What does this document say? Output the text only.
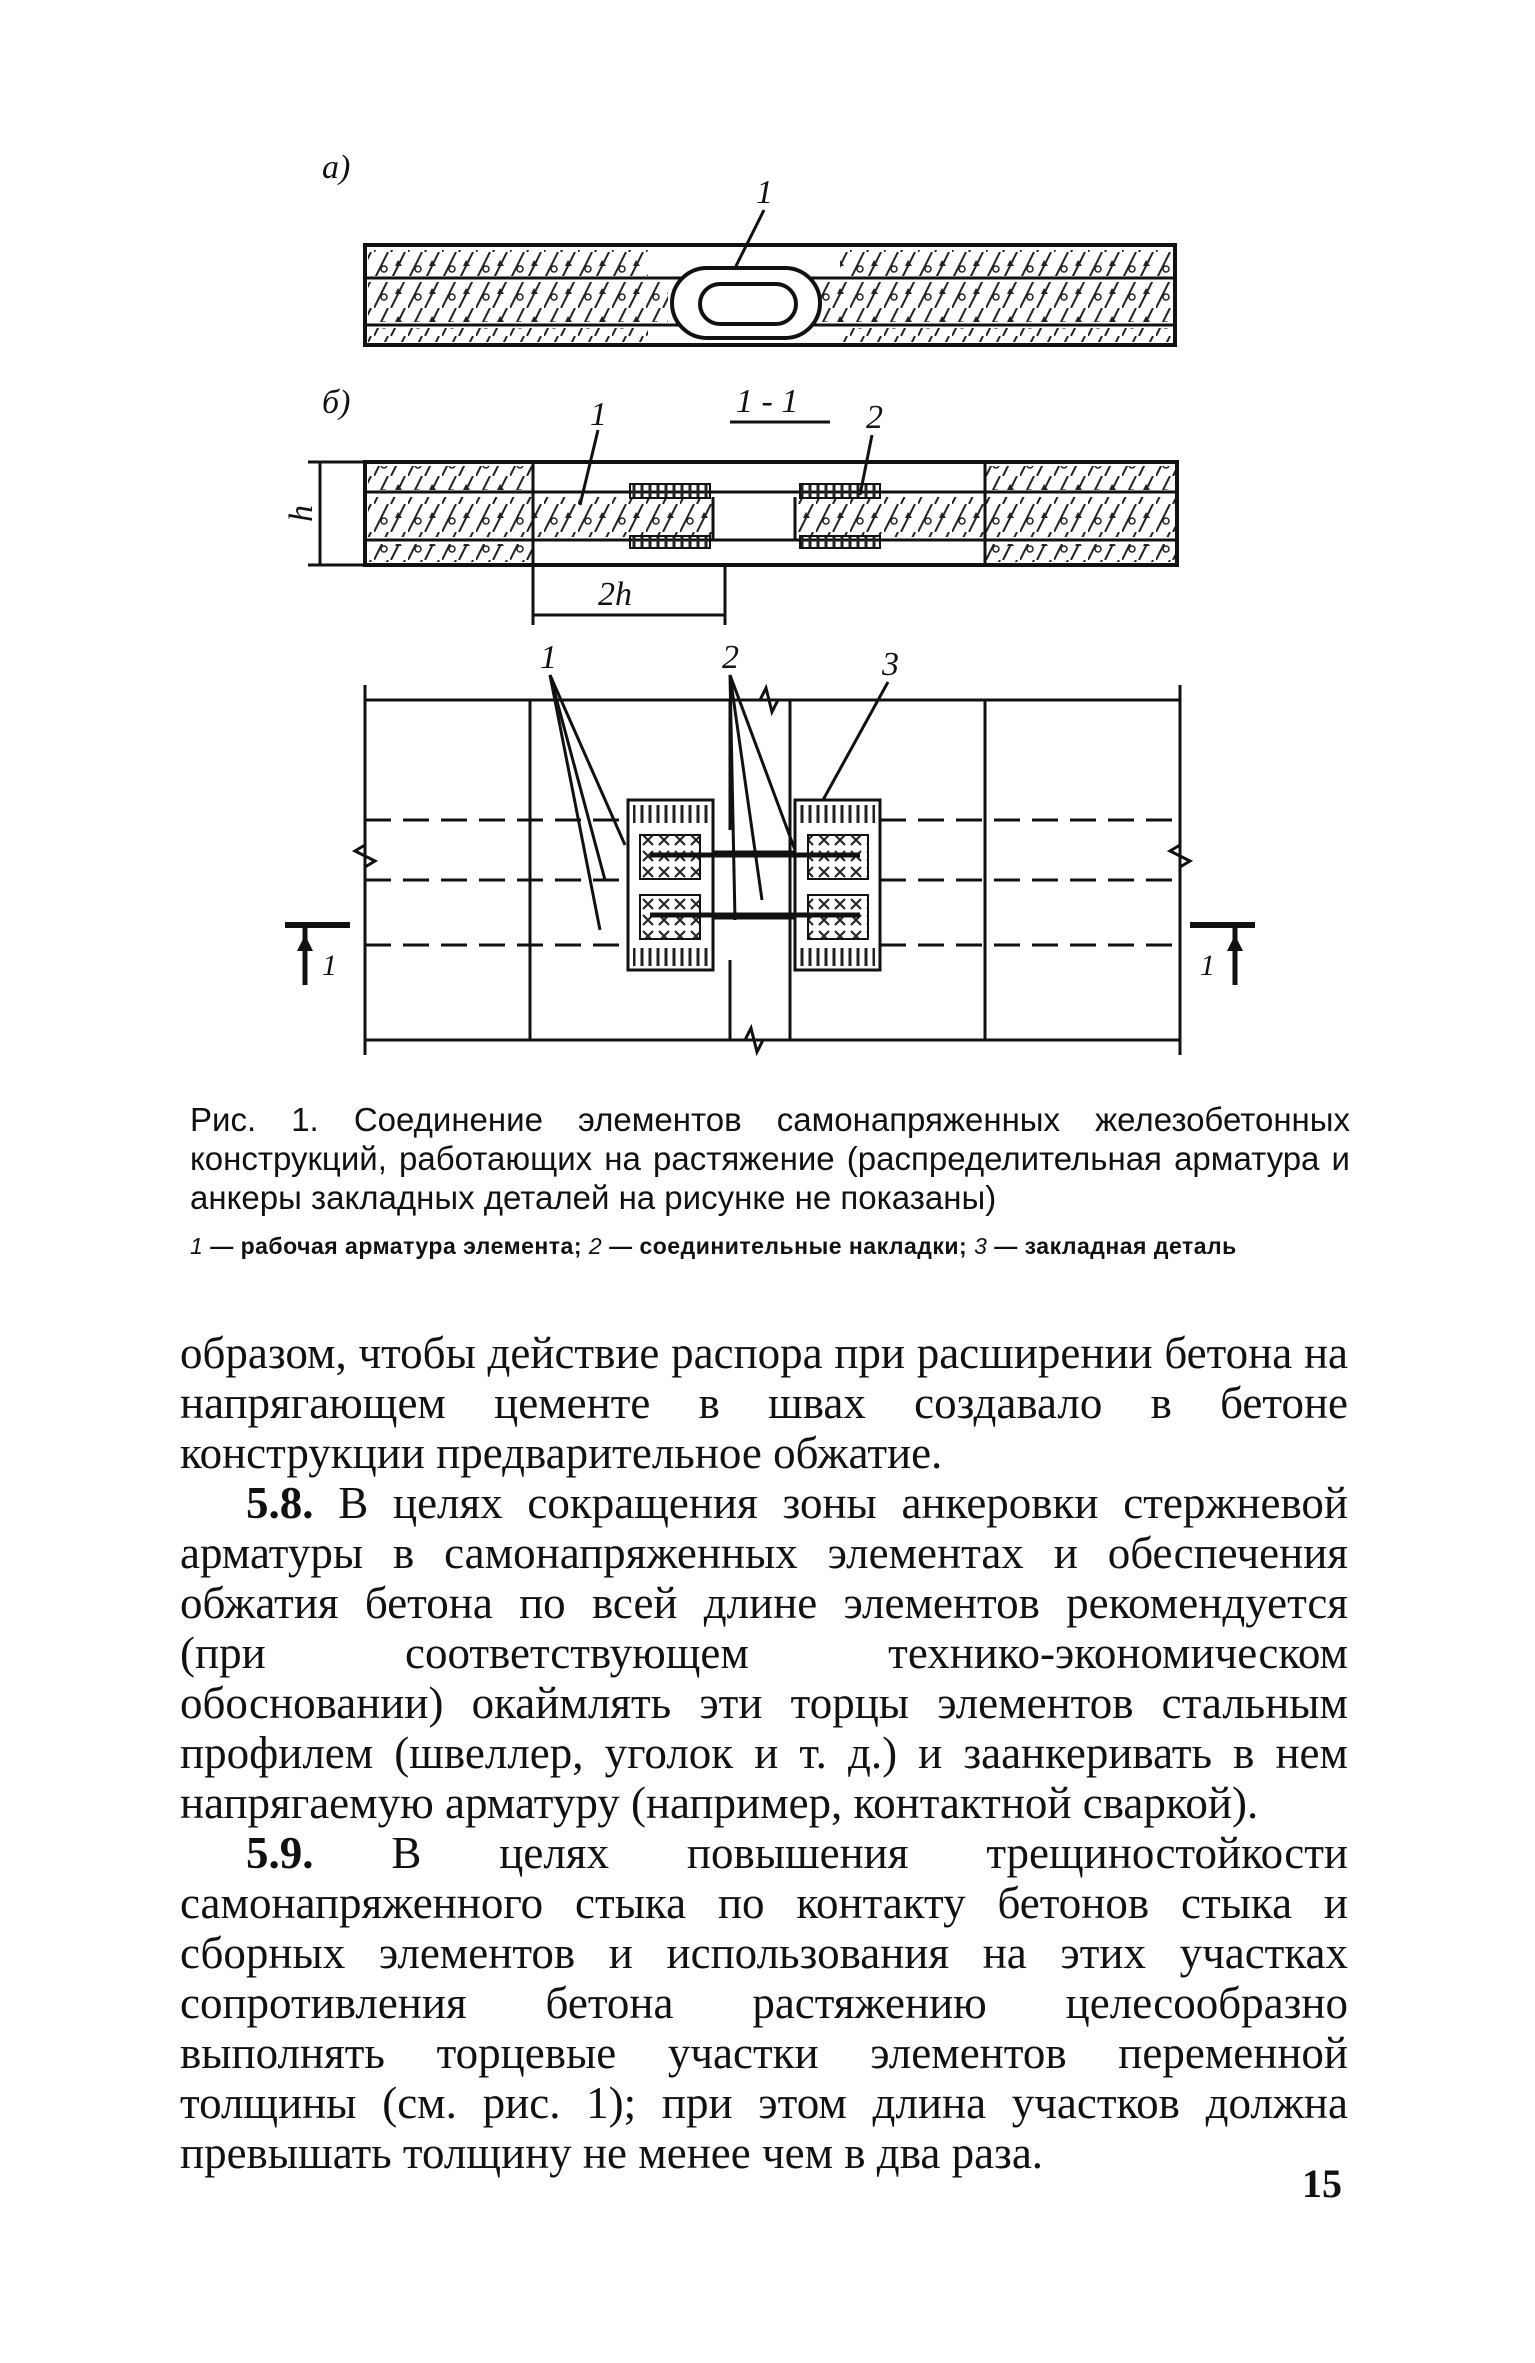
а)
1
б)	1 - 1
1	2
h
2h
1	2	3
1	1

Рис. 1. Соединение элементов самонапряженных железобетонных конструкций, работающих на растяжение (распределительная арматура и анкеры закладных деталей на рисунке не показаны)

1 — рабочая арматура элемента; 2 — соединительные накладки; 3 — закладная деталь

образом, чтобы действие распора при расширении бетона на напрягающем цементе в швах создавало в бетоне конструкции предварительное обжатие.

5.8. В целях сокращения зоны анкеровки стержневой арматуры в самонапряженных элементах и обеспечения обжатия бетона по всей длине элементов рекомендуется (при соответствующем технико-экономическом обосновании) окаймлять эти торцы элементов стальным профилем (швеллер, уголок и т. д.) и заанкеривать в нем напрягаемую арматуру (например, контактной сваркой).

5.9. В целях повышения трещиностойкости самонапряженного стыка по контакту бетонов стыка и сборных элементов и использования на этих участках сопротивления бетона растяжению целесообразно выполнять торцевые участки элементов переменной толщины (см. рис. 1); при этом длина участков должна превышать толщину не менее чем в два раза.

15
